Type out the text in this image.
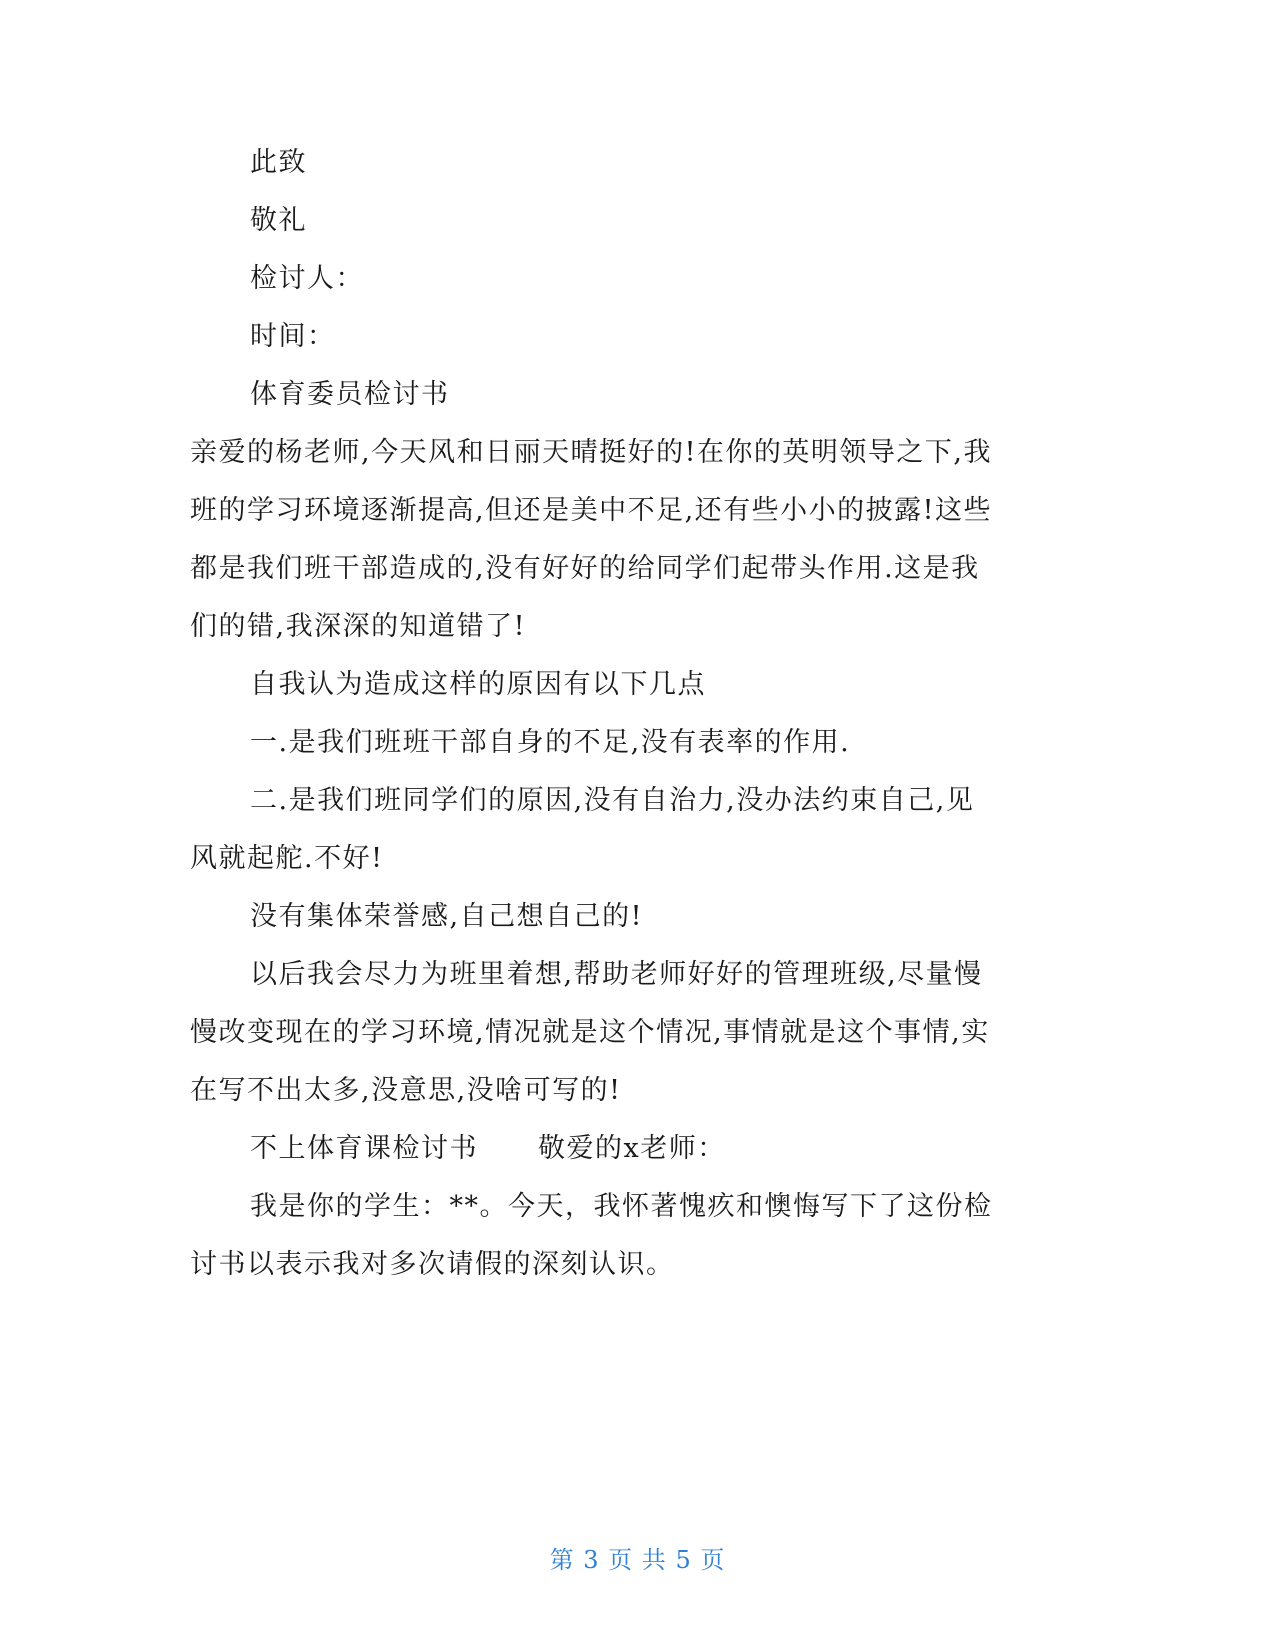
此致
敬礼
检讨人：
时间：
体育委员检讨书
亲爱的杨老师,今天风和日丽天晴挺好的!在你的英明领导之下,我
班的学习环境逐渐提高,但还是美中不足,还有些小小的披露!这些
都是我们班干部造成的,没有好好的给同学们起带头作用.这是我
们的错,我深深的知道错了!
自我认为造成这样的原因有以下几点
一.是我们班班干部自身的不足,没有表率的作用.
二.是我们班同学们的原因,没有自治力,没办法约束自己,见
风就起舵.不好!
没有集体荣誉感,自己想自己的!
以后我会尽力为班里着想,帮助老师好好的管理班级,尽量慢
慢改变现在的学习环境,情况就是这个情况,事情就是这个事情,实
在写不出太多,没意思,没啥可写的!
不上体育课检讨书 敬爱的x老师：
我是你的学生：**。今天，我怀著愧疚和懊悔写下了这份检
讨书以表示我对多次请假的深刻认识。
第 3 页 共 5 页
